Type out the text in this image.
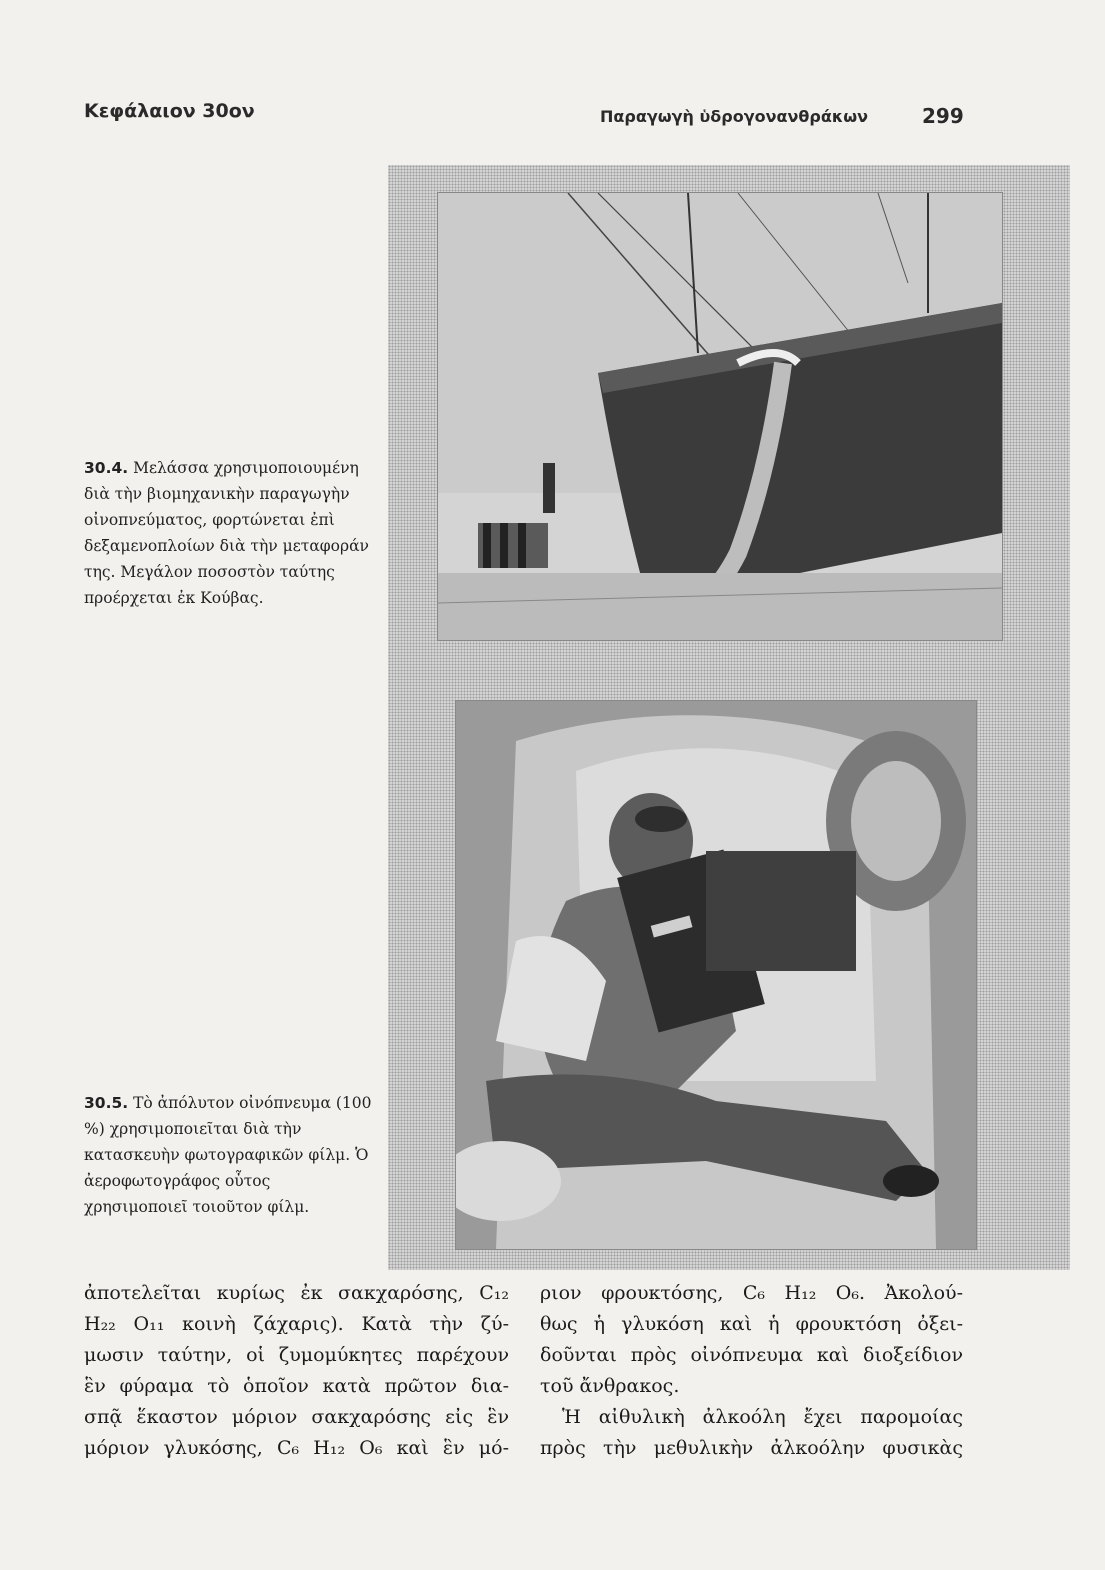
Κεφάλαιον 30ον	Παραγωγὴ ὑδρογονανθράκων	299
30.4. Μελάσσα χρησιμοποιουμένη διὰ τὴν βιομηχανικὴν παραγωγὴν οἰνοπνεύματος, φορτώνεται ἐπὶ δεξαμενοπλοίων διὰ τὴν μεταφοράν της. Μεγάλον ποσοστὸν ταύτης προέρχεται ἐκ Κούβας.
30.5. Τὸ ἀπόλυτον οἰνόπνευμα (100 %) χρησιμοποιεῖται διὰ τὴν κατασκευὴν φωτογραφικῶν φίλμ. Ὁ ἀεροφωτογράφος οὗτος χρησιμοποιεῖ τοιοῦτον φίλμ.
ἀποτελεῖται κυρίως ἐκ σακχαρόσης, C₁₂
H₂₂ O₁₁ κοινὴ ζάχαρις). Κατὰ τὴν ζύ-
μωσιν ταύτην, οἱ ζυμομύκητες παρέχουν
ἓν φύραμα τὸ ὁποῖον κατὰ πρῶτον δια-
σπᾷ ἕκαστον μόριον σακχαρόσης εἰς ἓν
μόριον γλυκόσης, C₆ H₁₂ O₆ καὶ ἓν μό-
ριον φρουκτόσης, C₆ H₁₂ O₆. Ἀκολού-
θως ἡ γλυκόση καὶ ἡ φρουκτόση ὀξει-
δοῦνται πρὸς οἰνόπνευμα καὶ διοξείδιον
τοῦ ἄνθρακος.
Ἡ αἰθυλικὴ ἀλκοόλη ἔχει παρομοίας
πρὸς τὴν μεθυλικὴν ἀλκοόλην φυσικὰς
